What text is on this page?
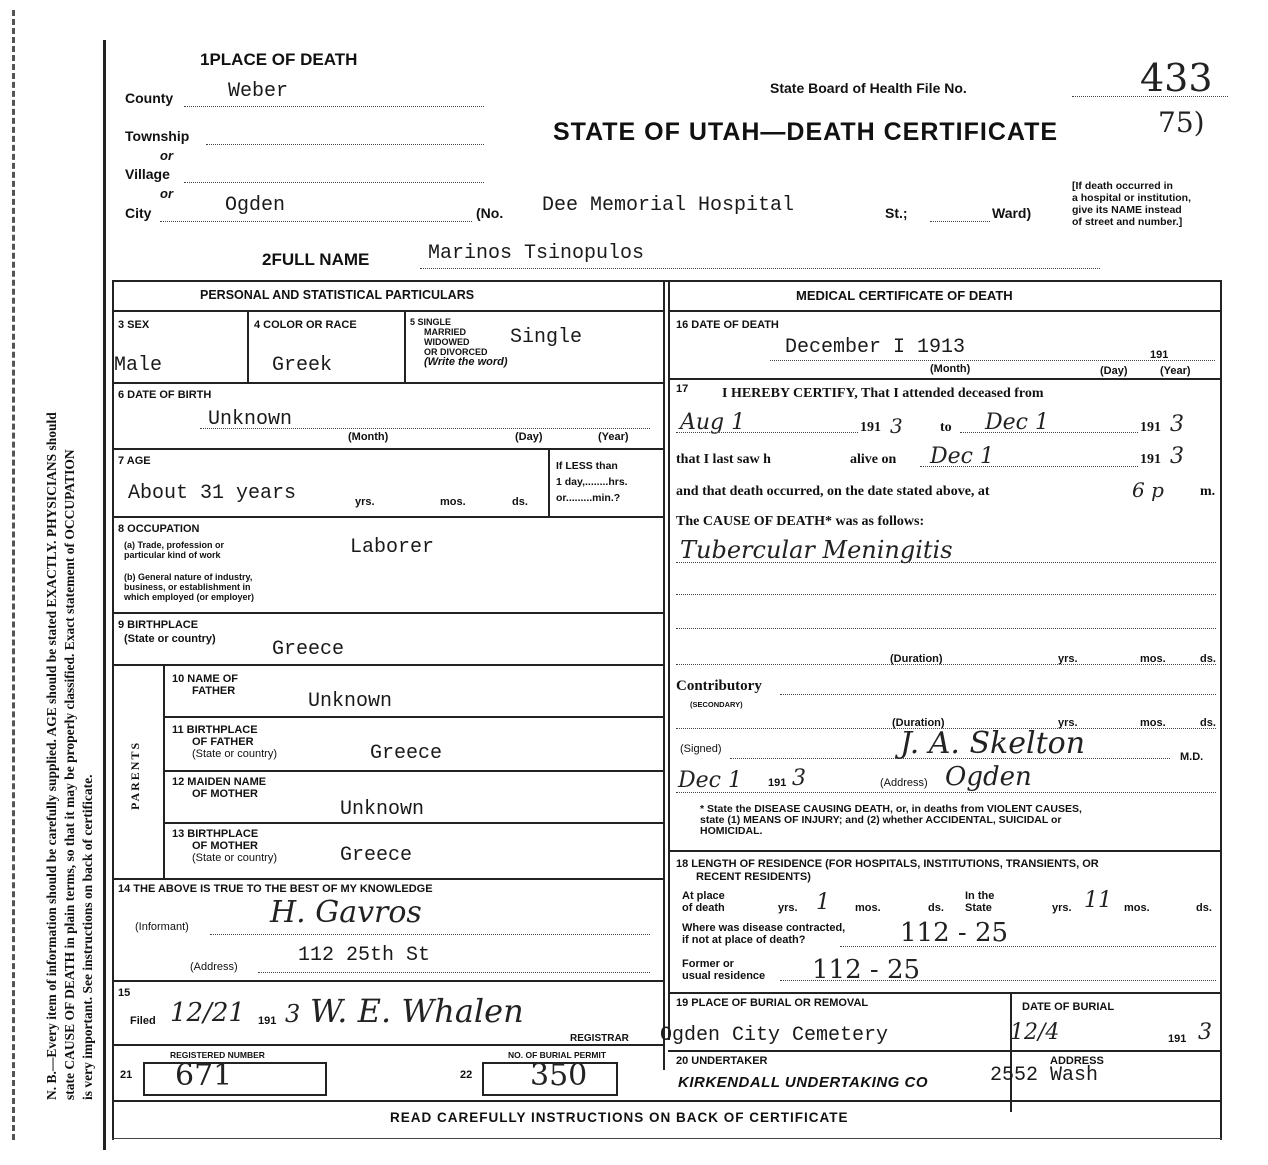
N. B.—Every item of information should be carefully supplied. AGE should be stated EXACTLY. PHYSICIANS should state CAUSE OF DEATH in plain terms, so that it may be properly classified. Exact statement of OCCUPATION is very important. See instructions on back of certificate.
1PLACE OF DEATH
State Board of Health File No.	433
County	Weber
STATE OF UTAH—DEATH CERTIFICATE	75)
Township
or
Village
or
City	Ogden	(No. Dee Memorial Hospital	St.;	Ward)
[If death occurred in
a hospital or institution,
give its NAME instead
of street and number.]
2FULL NAME	Marinos Tsinopulos
PERSONAL AND STATISTICAL PARTICULARS
3 SEX
Male
4 COLOR OR RACE
Greek
5 SINGLE
MARRIED
WIDOWED
OR DIVORCED
(Write the word)
Single
6 DATE OF BIRTH
Unknown
(Month)	(Day)	(Year)
7 AGE
About 31 years	yrs.	mos.	ds.
If LESS than
1 day,........hrs.
or.........min.?
8 OCCUPATION
(a) Trade, profession or
particular kind of work	Laborer
(b) General nature of industry,
business, or establishment in
which employed (or employer)
9 BIRTHPLACE
(State or country)	Greece
PARENTS
10 NAME OF
FATHER	Unknown
11 BIRTHPLACE
OF FATHER
(State or country)	Greece
12 MAIDEN NAME
OF MOTHER
Unknown
13 BIRTHPLACE
OF MOTHER
(State or country)	Greece
14 THE ABOVE IS TRUE TO THE BEST OF MY KNOWLEDGE
(Informant)	H. Gavros
(Address)	112 25th St
15
Filed 12/21 191 3 W. E. Whalen
REGISTRAR
REGISTERED NUMBER
21 671
NO. OF BURIAL PERMIT
22 350
MEDICAL CERTIFICATE OF DEATH
16 DATE OF DEATH
December I 1913	191
(Month)	(Day)	(Year)
17 I HEREBY CERTIFY, That I attended deceased from
Aug 1	191 3	to Dec 1	191 3
that I last saw h	alive on Dec 1	191 3
and that death occurred, on the date stated above, at	6 p	m.
The CAUSE OF DEATH* was as follows:
Tubercular Meningitis
(Duration)	yrs.	mos.	ds.
Contributory
(SECONDARY)
(Duration)	yrs.	mos.	ds.
(Signed)	J. A. Skelton	M.D.
Dec 1 191 3	(Address) Ogden
* State the DISEASE CAUSING DEATH, or, in deaths from VIOLENT CAUSES,
state (1) MEANS OF INJURY; and (2) whether ACCIDENTAL, SUICIDAL or
HOMICIDAL.
18 LENGTH OF RESIDENCE (FOR HOSPITALS, INSTITUTIONS, TRANSIENTS, OR
RECENT RESIDENTS)
At place
of death	yrs. 1 mos.	ds.
In the
State	yrs. 11 mos.	ds.
Where was disease contracted,
if not at place of death?	112 - 25
Former or
usual residence 112 - 25
19 PLACE OF BURIAL OR REMOVAL	DATE OF BURIAL
Ogden City Cemetery	12/4	191 3
20 UNDERTAKER
KIRKENDALL UNDERTAKING CO
ADDRESS
2552 Wash
READ CAREFULLY INSTRUCTIONS ON BACK OF CERTIFICATE
